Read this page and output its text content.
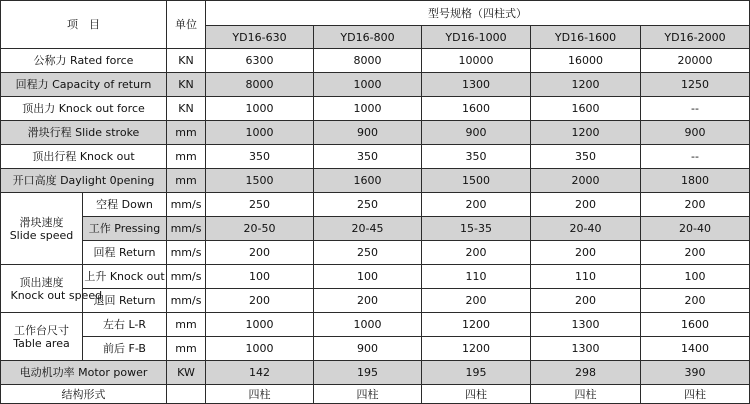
项　目		单位	型号规格（四柱式）				
			YD16-630	YD16-800	YD16-1000	YD16-1600	YD16-2000
公称力 Rated force		KN	6300	8000	10000	16000	20000
回程力 Capacity of return		KN	8000	1000	1300	1200	1250
顶出力 Knock out force		KN	1000	1000	1600	1600	--
滑块行程 Slide stroke		mm	1000	900	900	1200	900
顶出行程 Knock out		mm	350	350	350	350	--
开口高度 Daylight 0pening		mm	1500	1600	1500	2000	1800

滑块速度
Slide speed	空程 Down	mm/s	250	250	200	200	200
	工作 Pressing	mm/s	20-50	20-45	15-35	20-40	20-40
	回程 Return	mm/s	200	250	200	200	200

顶出速度
Knock out speed	上升 Knock out	mm/s	100	100	110	110	100
	退回 Return	mm/s	200	200	200	200	200

工作台尺寸
Table area	左右 L-R	mm	1000	1000	1200	1300	1600
	前后 F-B	mm	1000	900	1200	1300	1400
电动机功率 Motor power		KW	142	195	195	298	390
结构形式			四柱	四柱	四柱	四柱	四柱
